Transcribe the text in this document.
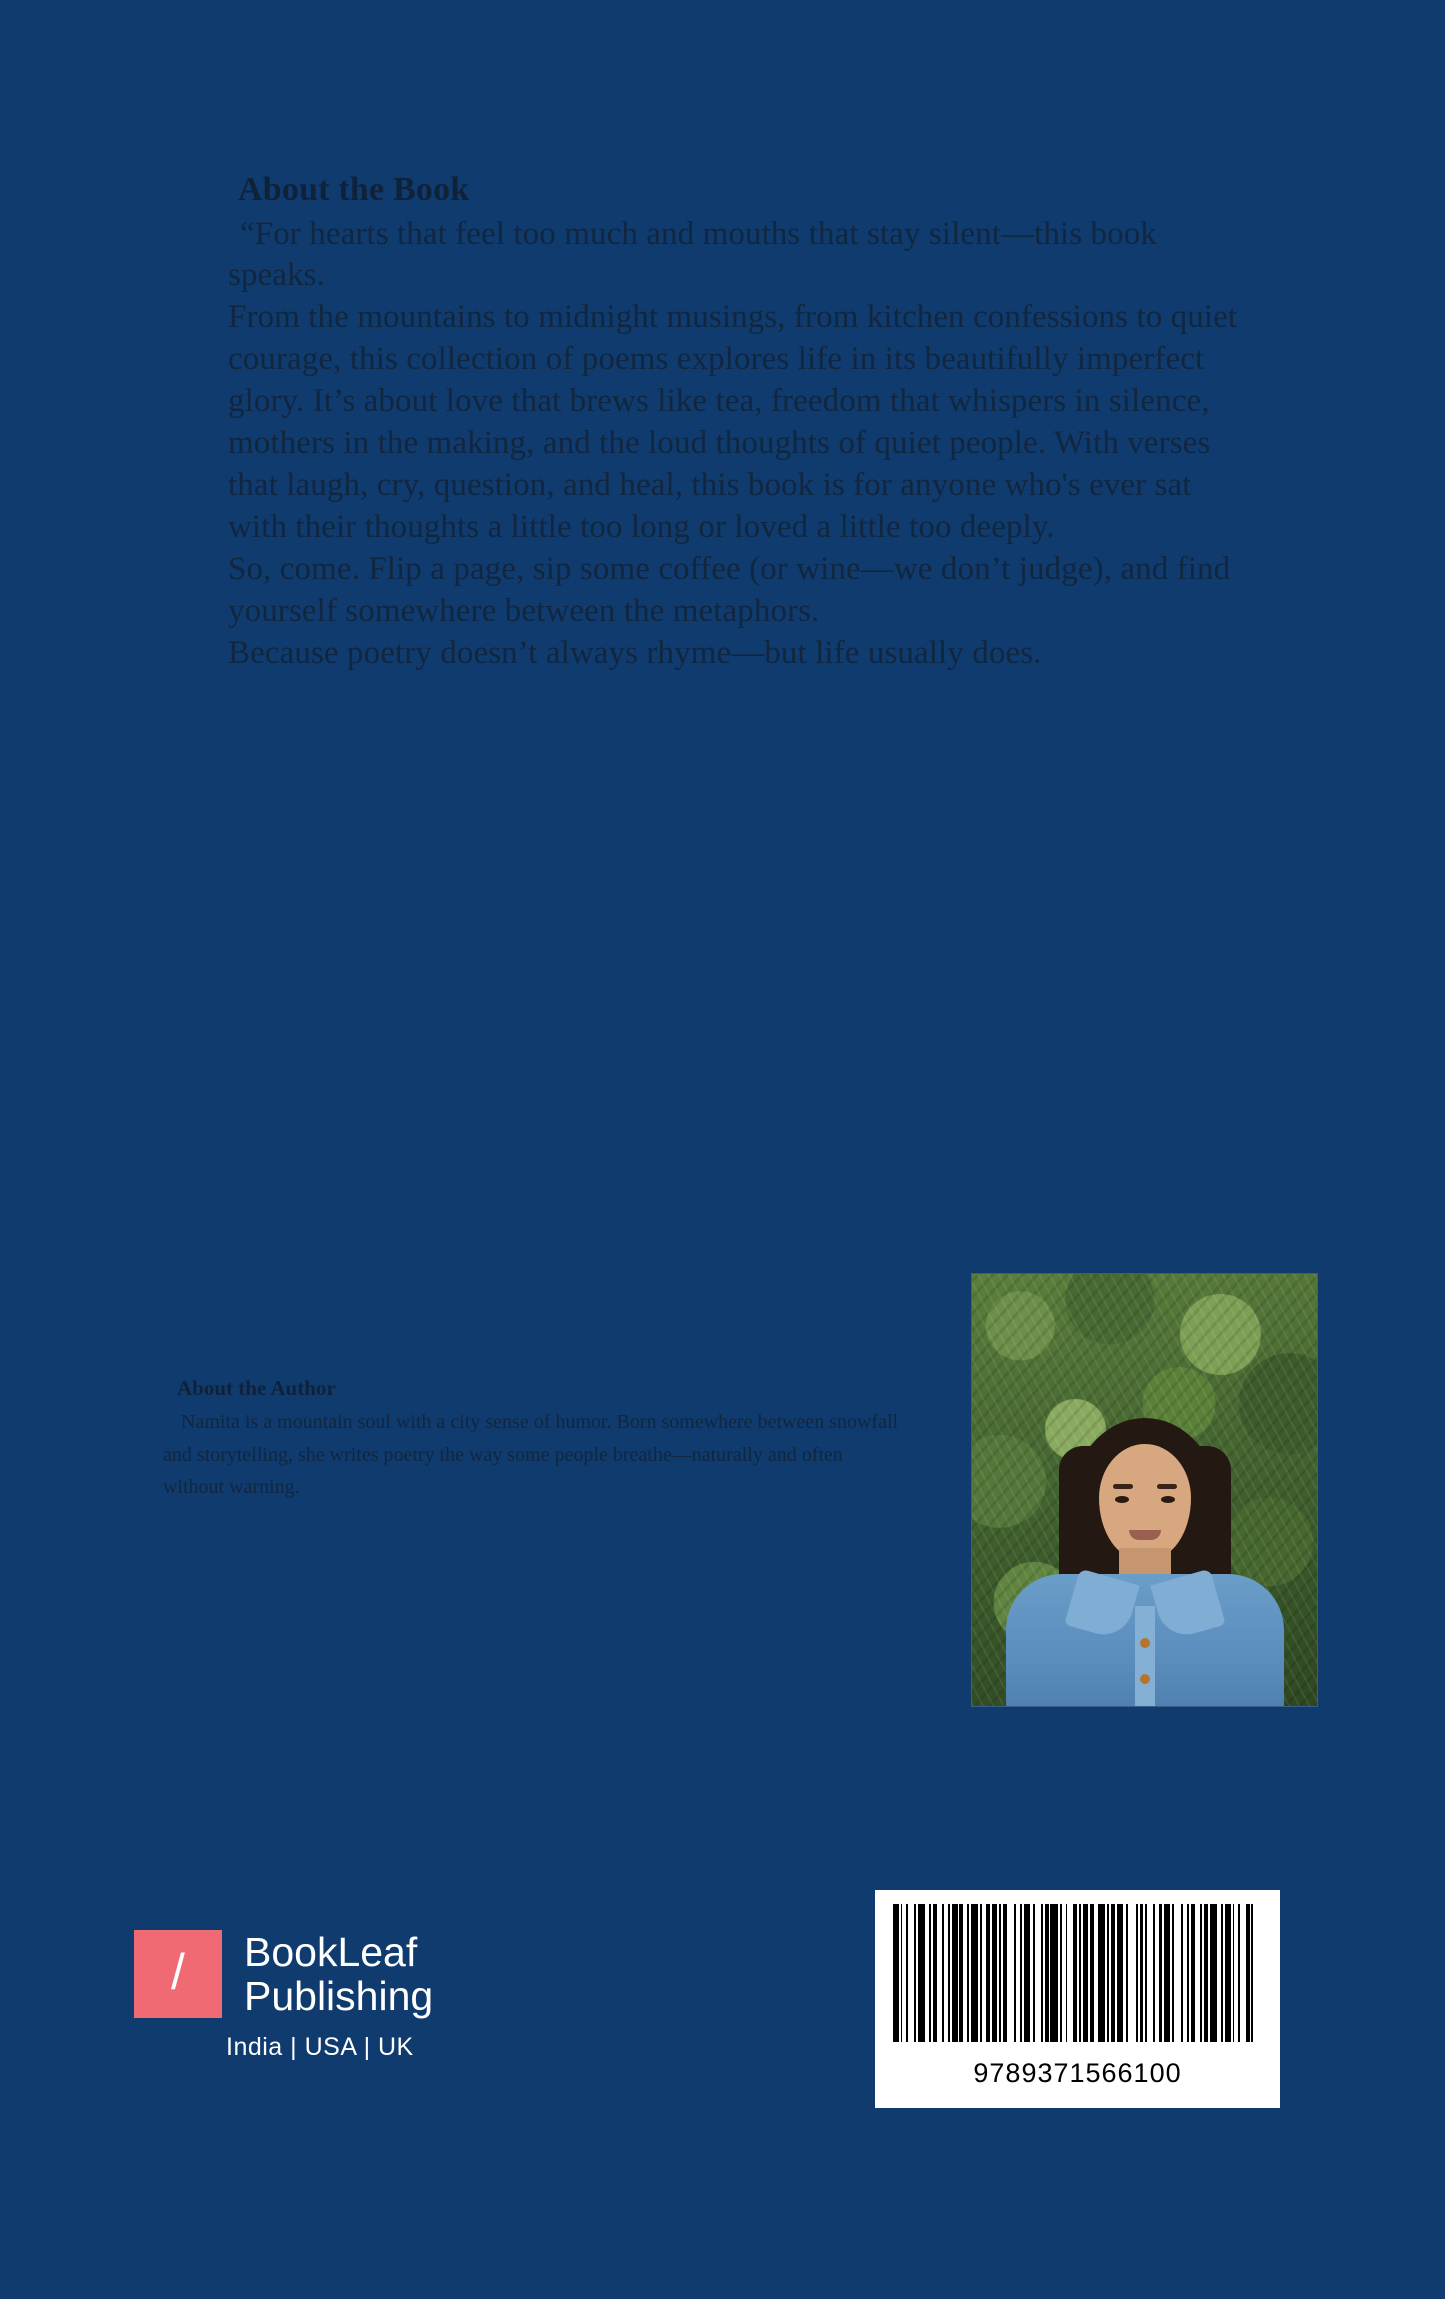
About the Book

“For hearts that feel too much and mouths that stay silent—this book speaks.

From the mountains to midnight musings, from kitchen confessions to quiet courage, this collection of poems explores life in its beautifully imperfect glory. It’s about love that brews like tea, freedom that whispers in silence, mothers in the making, and the loud thoughts of quiet people. With verses that laugh, cry, question, and heal, this book is for anyone who's ever sat with their thoughts a little too long or loved a little too deeply.

So, come. Flip a page, sip some coffee (or wine—we don’t judge), and find yourself somewhere between the metaphors.

Because poetry doesn’t always rhyme—but life usually does.

About the Author

Namita is a mountain soul with a city sense of humor. Born somewhere between snowfall and storytelling, she writes poetry the way some people breathe—naturally and often without warning.

/ BookLeaf
Publishing
India | USA | UK
9789371566100
